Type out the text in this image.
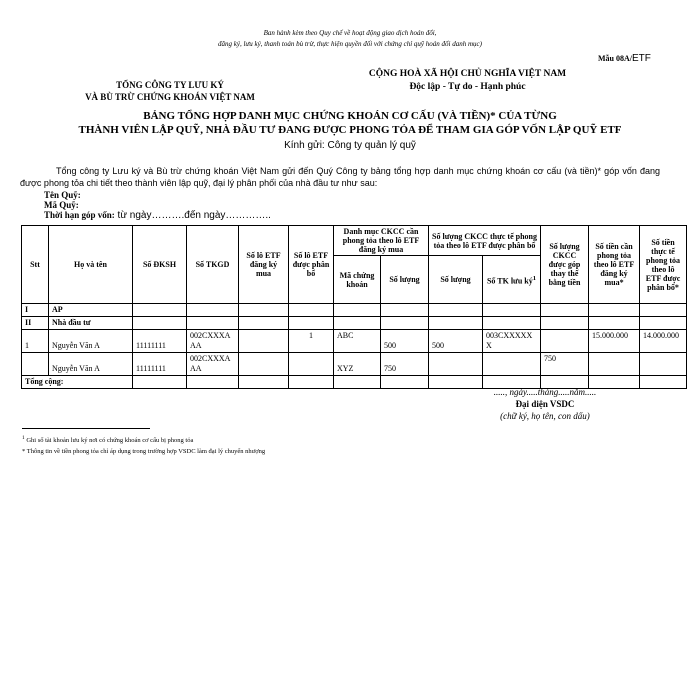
Ban hành kèm theo Quy chế về hoạt động giao dịch hoán đổi,
đăng ký, lưu ký, thanh toán bù trừ, thực hiện quyền đối với chứng chỉ quỹ hoán đổi danh mục)
Mẫu 08A/ETF
CỘNG HOÀ XÃ HỘI CHỦ NGHĨA VIỆT NAM
Độc lập - Tự do - Hạnh phúc
TỔNG CÔNG TY LƯU KÝ
VÀ BÙ TRỪ CHỨNG KHOÁN VIỆT NAM
BẢNG TỔNG HỢP DANH MỤC CHỨNG KHOÁN CƠ CẤU (VÀ TIỀN)* CỦA TỪNG
THÀNH VIÊN LẬP QUỸ, NHÀ ĐẦU TƯ ĐANG ĐƯỢC PHONG TỎA ĐỂ THAM GIA GÓP VỐN LẬP QUỸ ETF
Kính gửi: Công ty quản lý quỹ

Tổng công ty Lưu ký và Bù trừ chứng khoán Việt Nam gửi đến Quý Công ty bảng tổng hợp danh mục chứng khoán cơ cấu (và tiền)* góp vốn đang được phong tỏa chi tiết theo thành viên lập quỹ, đại lý phân phối của nhà đầu tư như sau:

Tên Quỹ:
Mã Quỹ:
Thời hạn góp vốn: từ ngày……….đến ngày…………..
Stt	Họ và tên	Số ĐKSH	Số TKGD	Số lô ETF đăng ký mua	Số lô ETF được phân bổ	Danh mục CKCC cần phong tỏa theo lô ETF đăng ký mua		Số lượng CKCC thực tế phong tỏa theo lô ETF được phân bổ		Số lượng CKCC được góp thay thế bằng tiền	Số tiền cần phong tỏa theo lô ETF đăng ký mua*	Số tiền thực tế phong tỏa theo lô ETF được phân bổ*
						Mã chứng khoán	Số lượng	Số lượng	Số TK lưu $ký^1$
I	AP											
II	Nhà đầu tư											
1	Nguyễn Văn A	11111111	002CXXXAAA		1	ABC	500	500	003CXXXXXX		15.000.000	14.000.000
	Nguyễn Văn A	11111111	002CXXXAAA			XYZ	750			750		
Tổng cộng:												
....., ngày.....tháng.....năm.....
Đại diện VSDC
(chữ ký, họ tên, con dấu)
$^1$ Ghi số tài khoản lưu ký nơi có chứng khoán cơ cấu bị phong tỏa
* Thông tin về tiền phong tỏa chỉ áp dụng trong trường hợp VSDC làm đại lý chuyển nhượng
